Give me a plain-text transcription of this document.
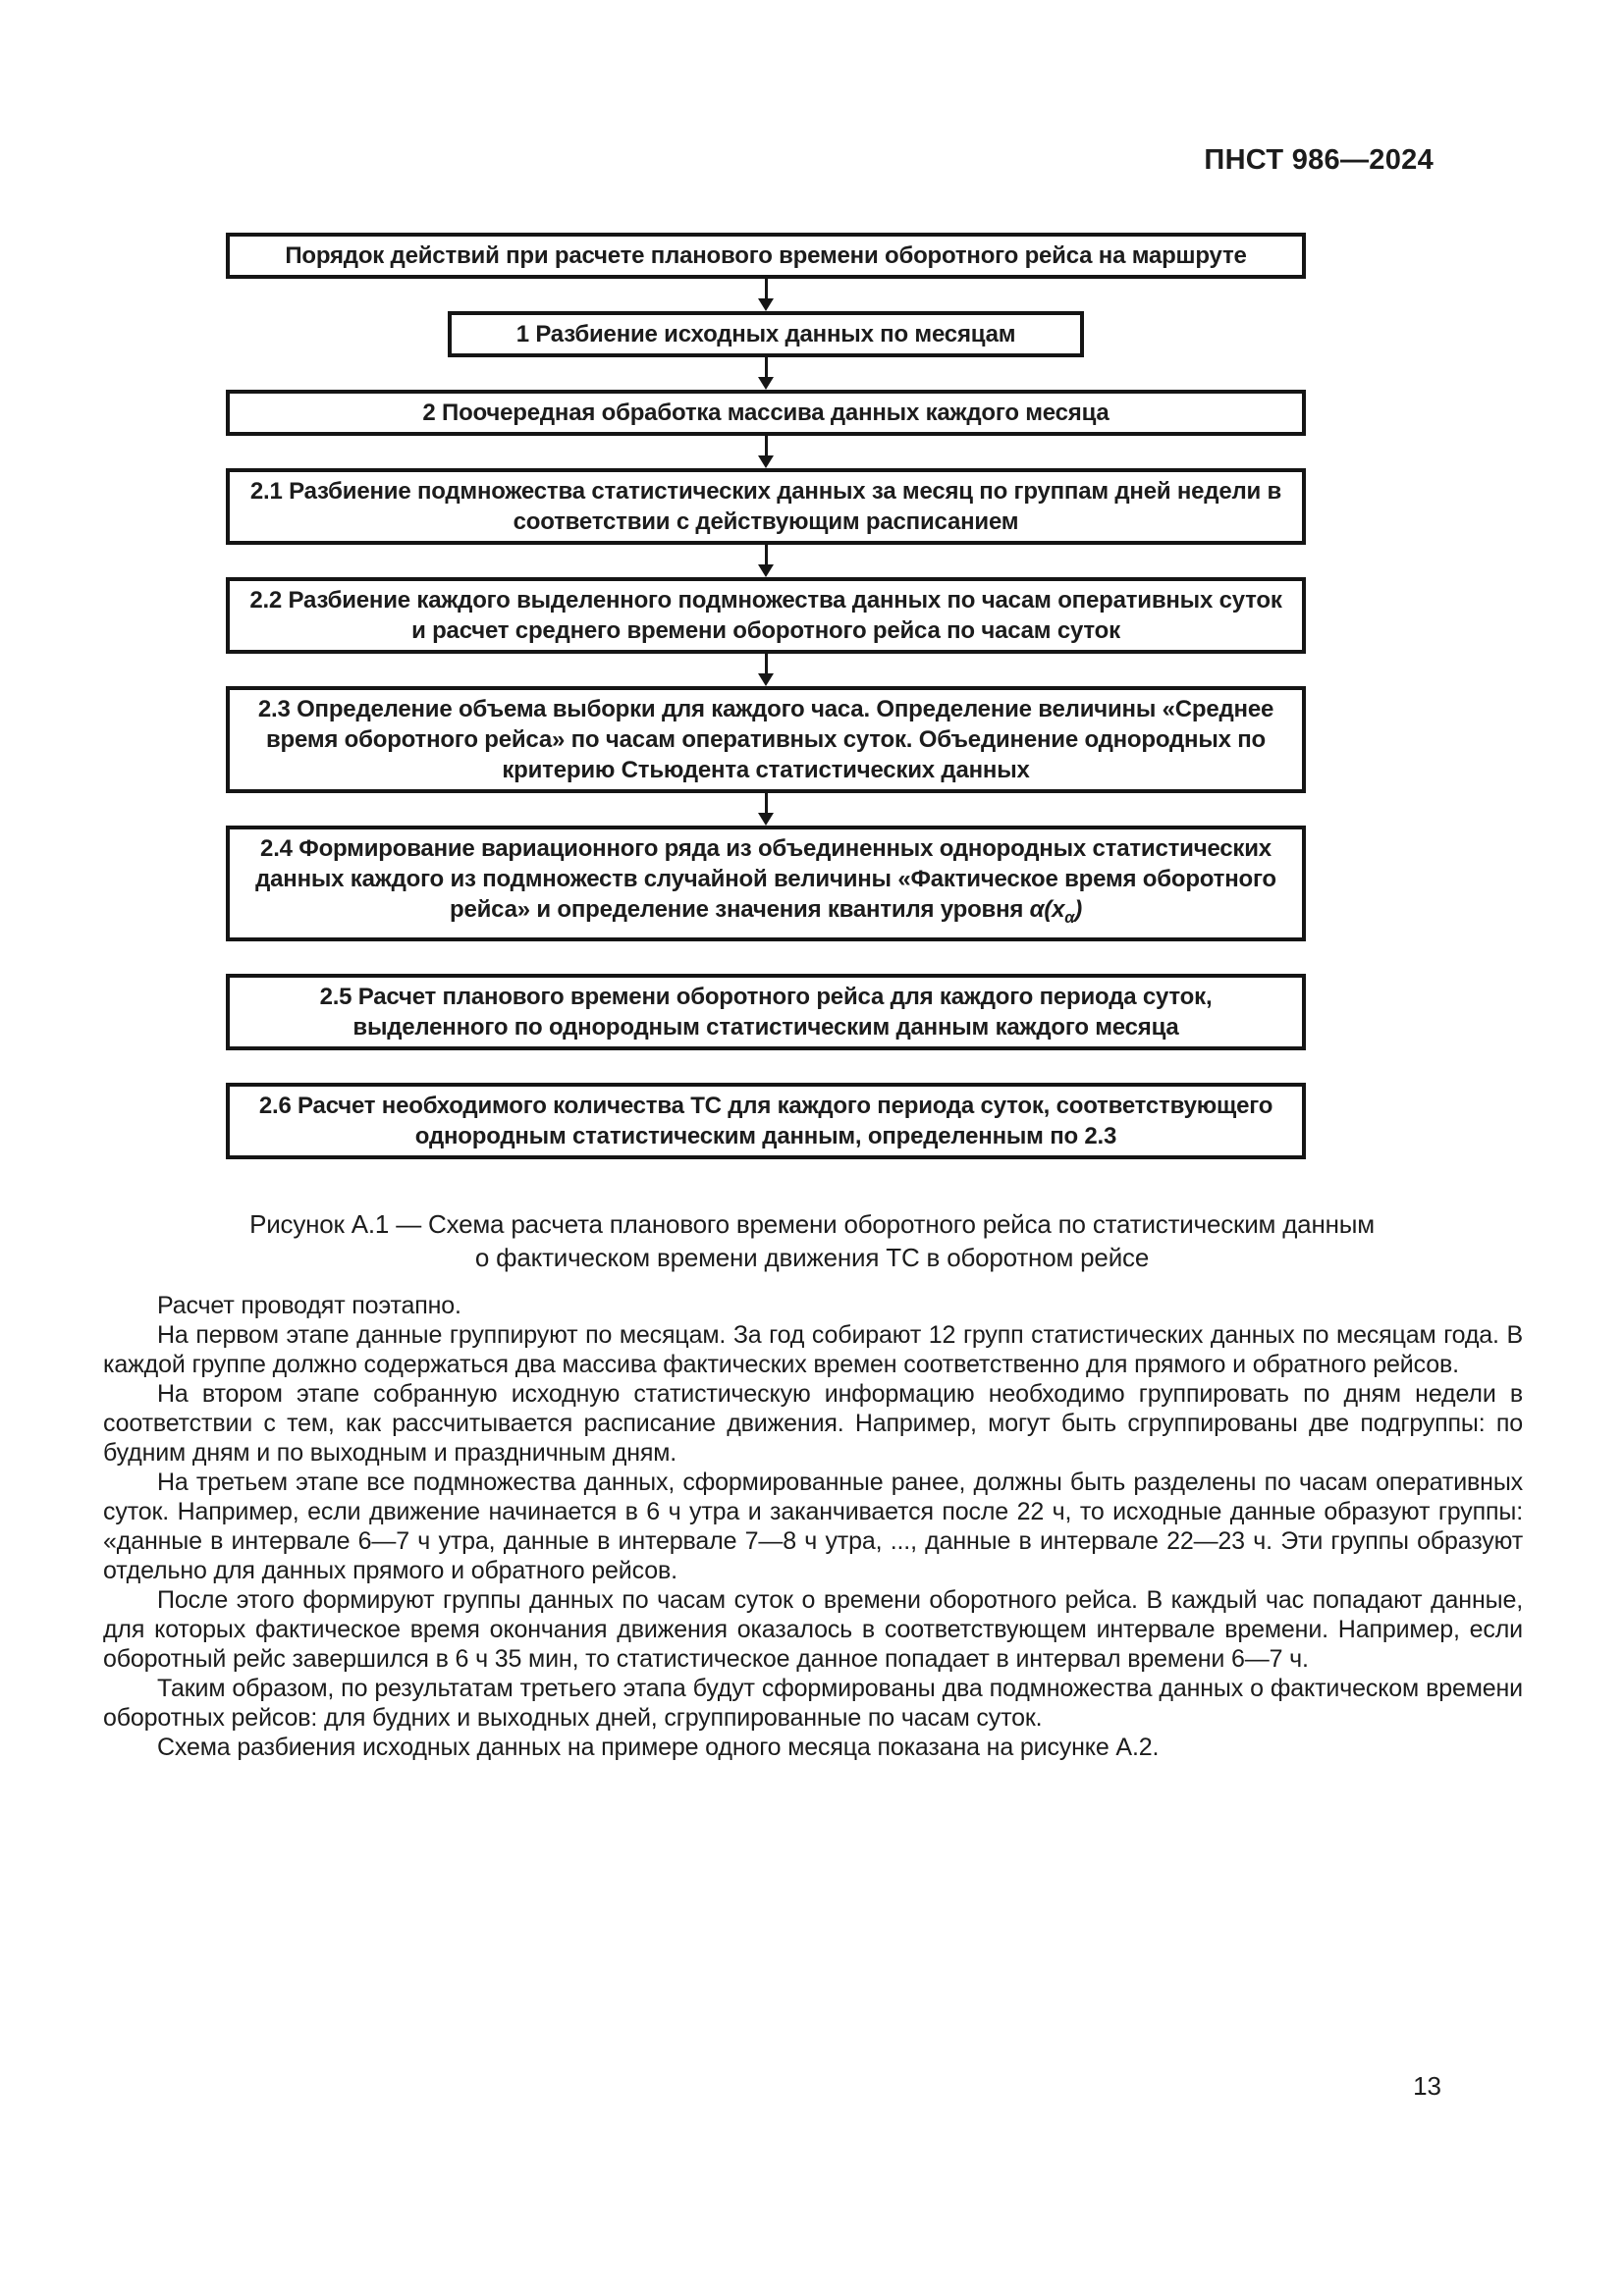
ПНСТ 986—2024
Порядок действий при расчете планового времени оборотного рейса на маршруте
1 Разбиение исходных данных по месяцам
2 Поочередная обработка массива данных каждого месяца
2.1 Разбиение подмножества статистических данных за месяц по группам дней недели в соответствии с действующим расписанием
2.2 Разбиение каждого выделенного подмножества данных по часам оперативных суток и расчет среднего времени оборотного рейса по часам суток
2.3 Определение объема выборки для каждого часа. Определение величины «Среднее время оборотного рейса» по часам оперативных суток. Объединение однородных по критерию Стьюдента статистических данных
2.4 Формирование вариационного ряда из объединенных однородных статистических данных каждого из подмножеств случайной величины «Фактическое время оборотного рейса» и определение значения квантиля уровня $\alpha(x_\alpha)$
2.5 Расчет планового времени оборотного рейса для каждого периода суток, выделенного по однородным статистическим данным каждого месяца
2.6 Расчет необходимого количества ТС для каждого периода суток, соответствующего однородным статистическим данным, определенным по 2.3
Рисунок А.1 — Схема расчета планового времени оборотного рейса по статистическим данным
о фактическом времени движения ТС в оборотном рейсе

Расчет проводят поэтапно.

На первом этапе данные группируют по месяцам. За год собирают 12 групп статистических данных по месяцам года. В каждой группе должно содержаться два массива фактических времен соответственно для прямого и обратного рейсов.

На втором этапе собранную исходную статистическую информацию необходимо группировать по дням недели в соответствии с тем, как рассчитывается расписание движения. Например, могут быть сгруппированы две подгруппы: по будним дням и по выходным и праздничным дням.

На третьем этапе все подмножества данных, сформированные ранее, должны быть разделены по часам оперативных суток. Например, если движение начинается в 6 ч утра и заканчивается после 22 ч, то исходные данные образуют группы: «данные в интервале 6—7 ч утра, данные в интервале 7—8 ч утра, ..., данные в интервале 22—23 ч. Эти группы образуют отдельно для данных прямого и обратного рейсов.

После этого формируют группы данных по часам суток о времени оборотного рейса. В каждый час попадают данные, для которых фактическое время окончания движения оказалось в соответствующем интервале времени. Например, если оборотный рейс завершился в 6 ч 35 мин, то статистическое данное попадает в интервал времени 6—7 ч.

Таким образом, по результатам третьего этапа будут сформированы два подмножества данных о фактическом времени оборотных рейсов: для будних и выходных дней, сгруппированные по часам суток.

Схема разбиения исходных данных на примере одного месяца показана на рисунке А.2.

13
